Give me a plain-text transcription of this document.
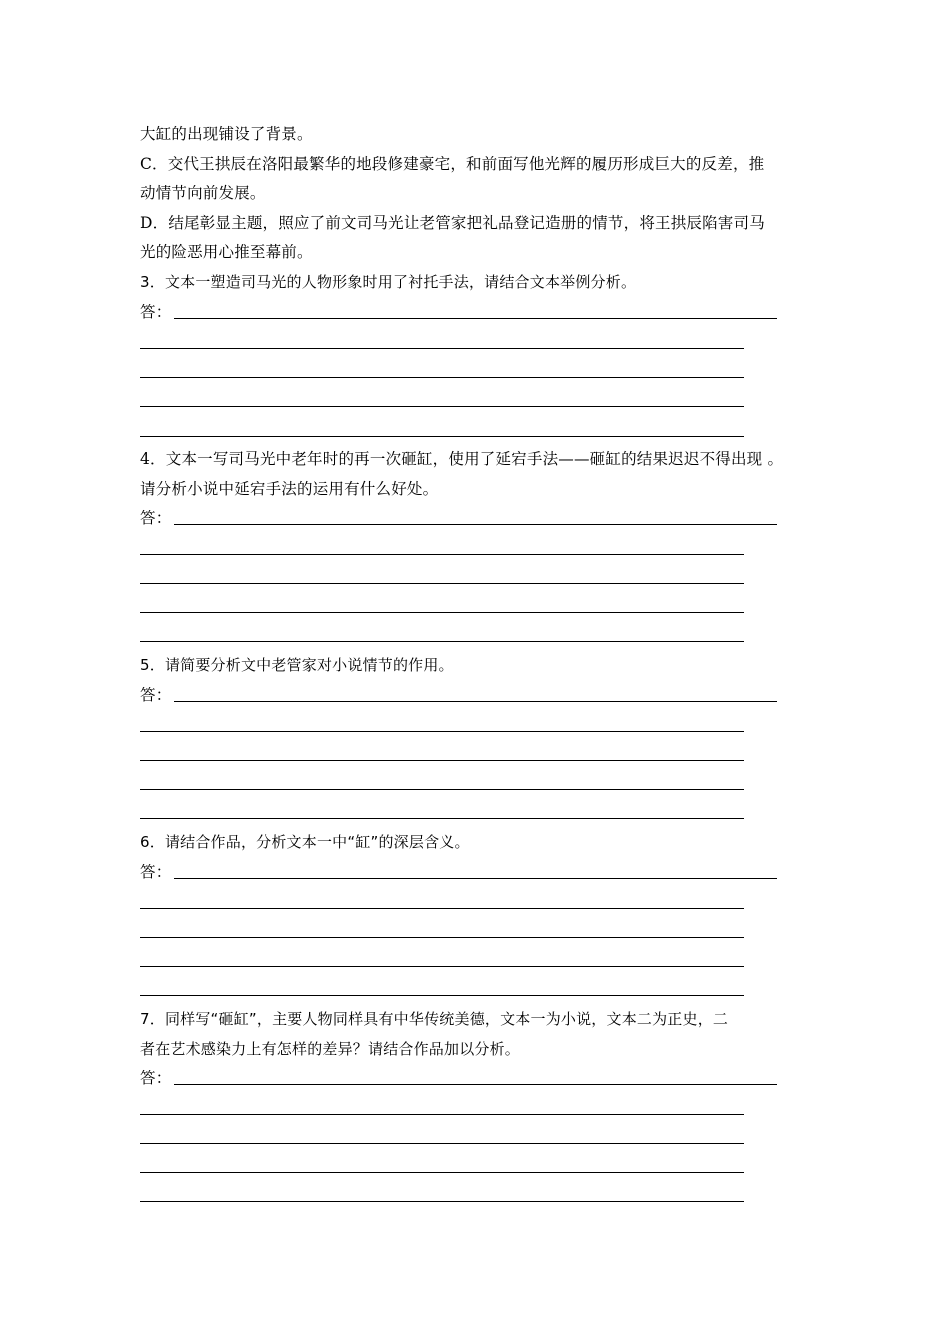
大缸的出现铺设了背景。
C．交代王拱辰在洛阳最繁华的地段修建豪宅，和前面写他光辉的履历形成巨大的反差，推
动情节向前发展。
D．结尾彰显主题，照应了前文司马光让老管家把礼品登记造册的情节，将王拱辰陷害司马
光的险恶用心推至幕前。
3．文本一塑造司马光的人物形象时用了衬托手法，请结合文本举例分析。
答：
4．文本一写司马光中老年时的再一次砸缸，使用了延宕手法——砸缸的结果迟迟不得出现 。
请分析小说中延宕手法的运用有什么好处。
答：
5．请简要分析文中老管家对小说情节的作用。
答：
6．请结合作品，分析文本一中“缸”的深层含义。
答：
7．同样写“砸缸”，主要人物同样具有中华传统美德，文本一为小说，文本二为正史，二
者在艺术感染力上有怎样的差异？请结合作品加以分析。
答：
